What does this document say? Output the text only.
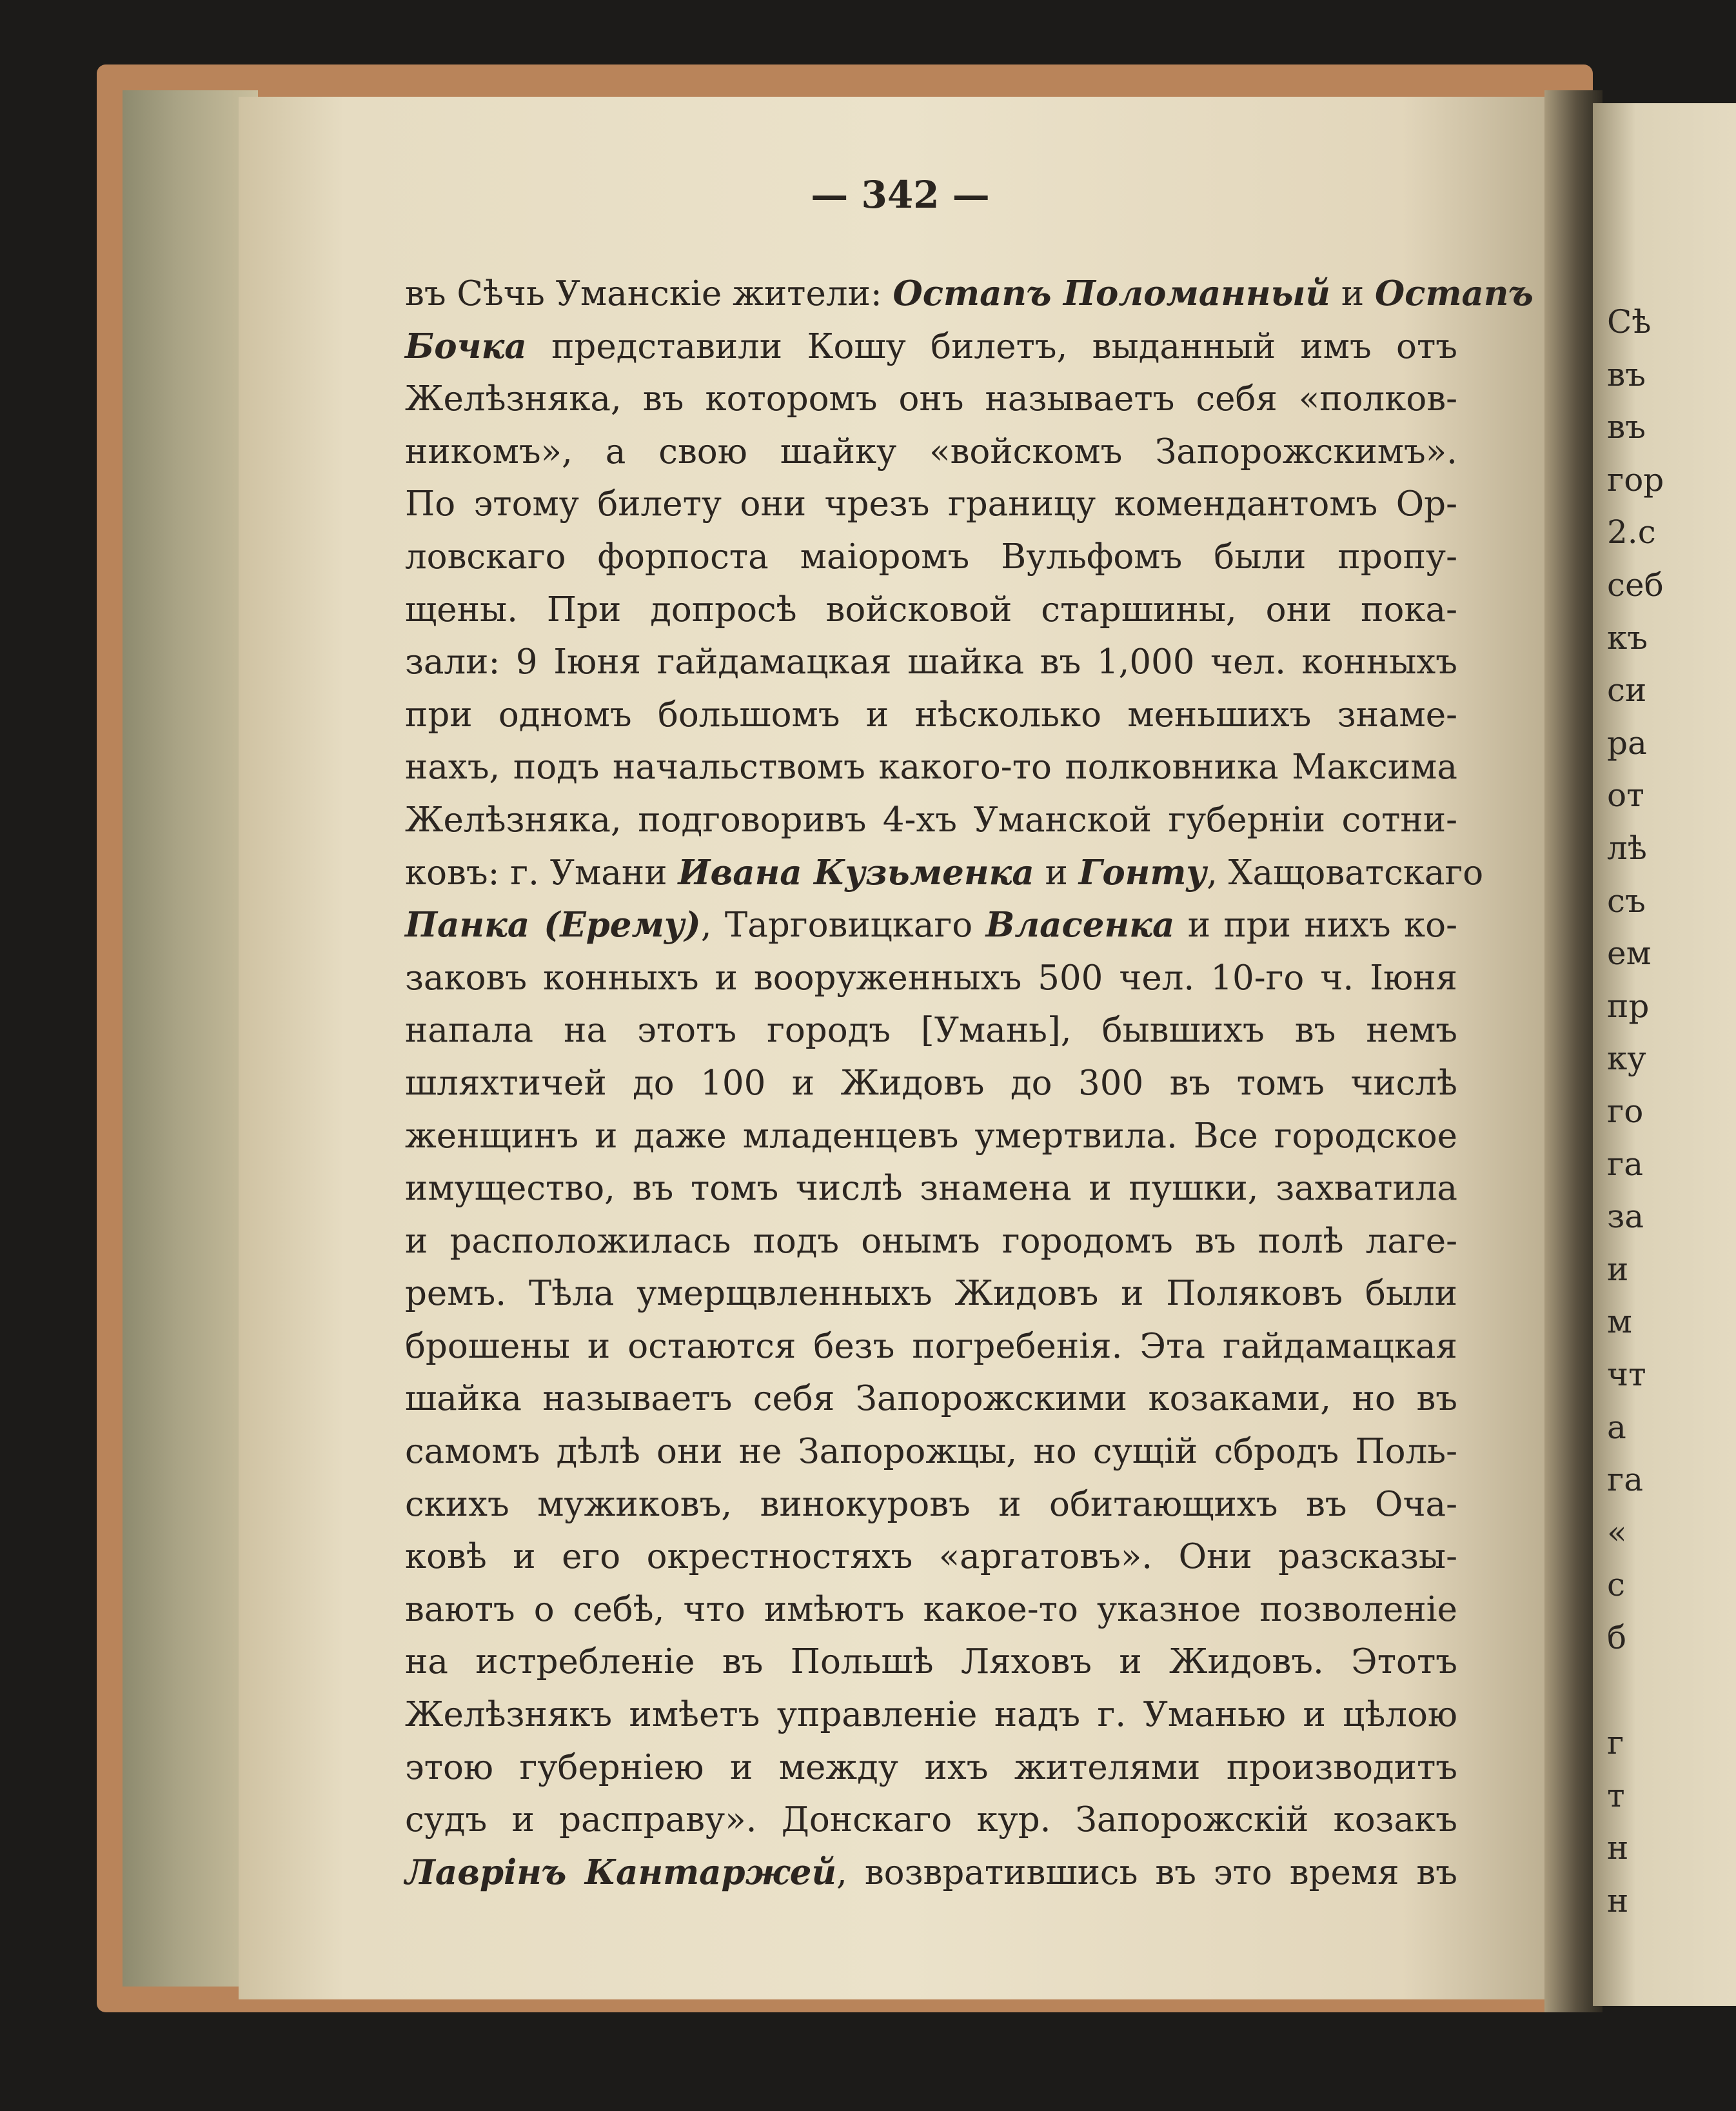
Сѣ
въ
въ
гор
2.с
себ
къ
си
ра
от
лѣ
съ
ем
пр
ку
го
га
за
и
м
чт
а
га
«
с
б
г
т
н
н
— 342 —
въ Сѣчь Уманскіе жители: Остапъ Поломанный и Остапъ
Бочка представили Кошу билетъ, выданный имъ отъ
Желѣзняка, въ которомъ онъ называетъ себя «полков-
никомъ», а свою шайку «войскомъ Запорожскимъ».
По этому билету они чрезъ границу комендантомъ Ор-
ловскаго форпоста маіоромъ Вульфомъ были пропу-
щены. При допросѣ войсковой старшины, они пока-
зали: 9 Іюня гайдамацкая шайка въ 1,000 чел. конныхъ
при одномъ большомъ и нѣсколько меньшихъ знаме-
нахъ, подъ начальствомъ какого-то полковника Максима
Желѣзняка, подговоривъ 4-хъ Уманской губерніи сотни-
ковъ: г. Умани Ивана Кузьменка и Гонту, Хащоватскаго
Панка (Ерему), Тарговицкаго Власенка и при нихъ ко-
заковъ конныхъ и вооруженныхъ 500 чел. 10-го ч. Іюня
напала на этотъ городъ [Умань], бывшихъ въ немъ
шляхтичей до 100 и Жидовъ до 300 въ томъ числѣ
женщинъ и даже младенцевъ умертвила. Все городское
имущество, въ томъ числѣ знамена и пушки, захватила
и расположилась подъ онымъ городомъ въ полѣ лаге-
ремъ. Тѣла умерщвленныхъ Жидовъ и Поляковъ были
брошены и остаются безъ погребенія. Эта гайдамацкая
шайка называетъ себя Запорожскими козаками, но въ
самомъ дѣлѣ они не Запорожцы, но сущій сбродъ Поль-
скихъ мужиковъ, винокуровъ и обитающихъ въ Оча-
ковѣ и его окрестностяхъ «аргатовъ». Они разсказы-
ваютъ о себѣ, что имѣютъ какое-то указное позволеніе
на истребленіе въ Польшѣ Ляховъ и Жидовъ. Этотъ
Желѣзнякъ имѣетъ управленіе надъ г. Уманью и цѣлою
этою губерніею и между ихъ жителями производитъ
судъ и расправу». Донскаго кур. Запорожскій козакъ
Лаврінъ Кантаржей, возвратившись въ это время въ
